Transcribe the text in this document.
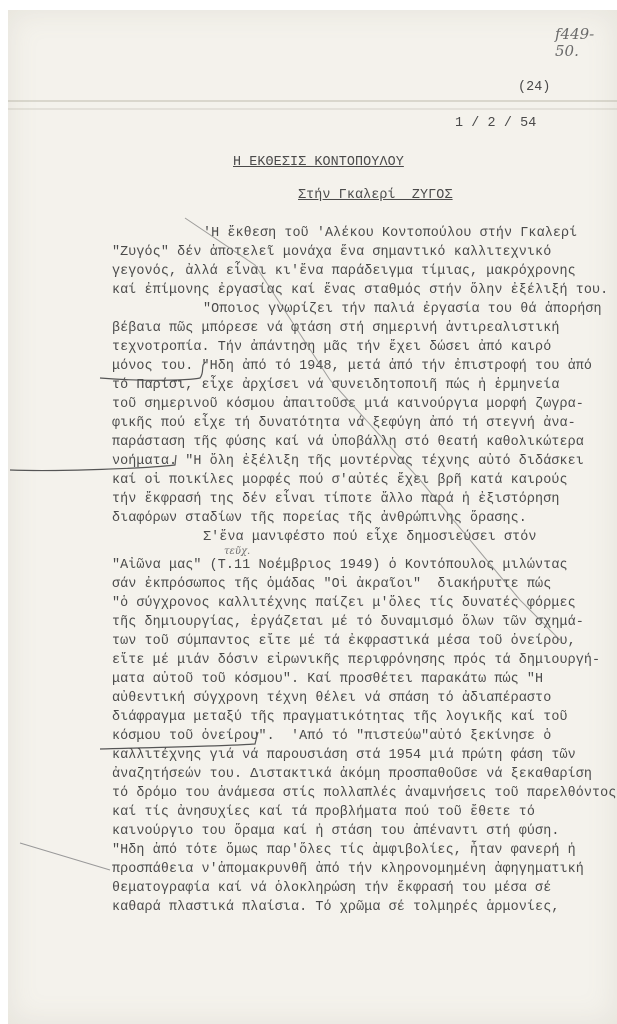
f449-50.
(24)
1 / 2 / 54
Η ΕΚΘΕΣΙΣ ΚΟΝΤΟΠΟΥΛΟΥ
Στήν Γκαλερί  ΖΥΓΟΣ
τεῦχ.
'Η ἔκθεση τοῦ 'Αλέκου Κοντοπούλου στήν Γκαλερί
"Ζυγός" δέν ἀποτελεῖ μονάχα ἕνα σημαντικό καλλιτεχνικό
γεγονός, ἀλλά εἶναι κι'ἕνα παράδειγμα τίμιας, μακρόχρονης
καί ἐπίμονης ἐργασίας καί ἕνας σταθμός στήν ὅλην ἐξέλιξή του.
"Οποιος γνωρίζει τήν παλιά ἐργασία του θά ἀπορήση
βέβαια πῶς μπόρεσε νά φτάση στή σημερινή ἀντιρεαλιστική
τεχνοτροπία. Τήν ἀπάντηση μᾶς τήν ἔχει δώσει ἀπό καιρό
μόνος του. "Ηδη ἀπό τό 1948, μετά ἀπό τήν ἐπιστροφή του ἀπό
τό Παρίσι, εἶχε ἀρχίσει νά συνειδητοποιῆ πώς ἡ ἑρμηνεία
τοῦ σημερινοῦ κόσμου ἀπαιτοῦσε μιά καινούργια μορφή ζωγρα-
φικῆς πού εἶχε τή δυνατότητα νά ξεφύγη ἀπό τή στεγνή ἀνα-
παράσταση τῆς φύσης καί νά ὑποβάλλη στό θεατή καθολικώτερα
νοήματα. "Η ὅλη ἐξέλιξη τῆς μοντέρνας τέχνης αὐτό διδάσκει
καί οἱ ποικίλες μορφές πού σ'αὐτές ἔχει βρῆ κατά καιρούς
τήν ἔκφρασή της δέν εἶναι τίποτε ἄλλο παρά ἡ ἐξιστόρηση
διαφόρων σταδίων τῆς πορείας τῆς ἀνθρώπινης ὅρασης.
Σ'ἕνα μανιφέστο πού εἶχε δημοσιεύσει στόν
"Αἰῶνα μας" (Τ.11 Νοέμβριος 1949) ὁ Κοντόπουλος μιλώντας
σάν ἐκπρόσωπος τῆς ὁμάδας "Οἱ ἀκραῖοι"  διακήρυττε πώς
"ὁ σύγχρονος καλλιτέχνης παίζει μ'ὅλες τίς δυνατές φόρμες
τῆς δημιουργίας, ἐργάζεται μέ τό δυναμισμό ὅλων τῶν σχημά-
των τοῦ σύμπαντος εἴτε μέ τά ἐκφραστικά μέσα τοῦ ὀνείρου,
εἴτε μέ μιάν δόσιν εἰρωνικῆς περιφρόνησης πρός τά δημιουργή-
ματα αὐτοῦ τοῦ κόσμου". Καί προσθέτει παρακάτω πώς "Η
αὐθεντική σύγχρονη τέχνη θέλει νά σπάση τό ἀδιαπέραστο
διάφραγμα μεταξύ τῆς πραγματικότητας τῆς λογικῆς καί τοῦ
κόσμου τοῦ ὀνείρου".  'Από τό "πιστεύω"αὐτό ξεκίνησε ὁ
καλλιτέχνης γιά νά παρουσιάση στά 1954 μιά πρώτη φάση τῶν
ἀναζητήσεών του. Διστακτικά ἀκόμη προσπαθοῦσε νά ξεκαθαρίση
τό δρόμο του ἀνάμεσα στίς πολλαπλές ἀναμνήσεις τοῦ παρελθόντος
καί τίς ἀνησυχίες καί τά προβλήματα πού τοῦ ἔθετε τό
καινούργιο του ὅραμα καί ἡ στάση του ἀπέναντι στή φύση.
"Ηδη ἀπό τότε ὅμως παρ'ὅλες τίς ἀμφιβολίες, ἦταν φανερή ἡ
προσπάθεια ν'ἀπομακρυνθῆ ἀπό τήν κληρονομημένη ἀφηγηματική
θεματογραφία καί νά ὁλοκληρώση τήν ἔκφρασή του μέσα σέ
καθαρά πλαστικά πλαίσια. Τό χρῶμα σέ τολμηρές ἁρμονίες,
